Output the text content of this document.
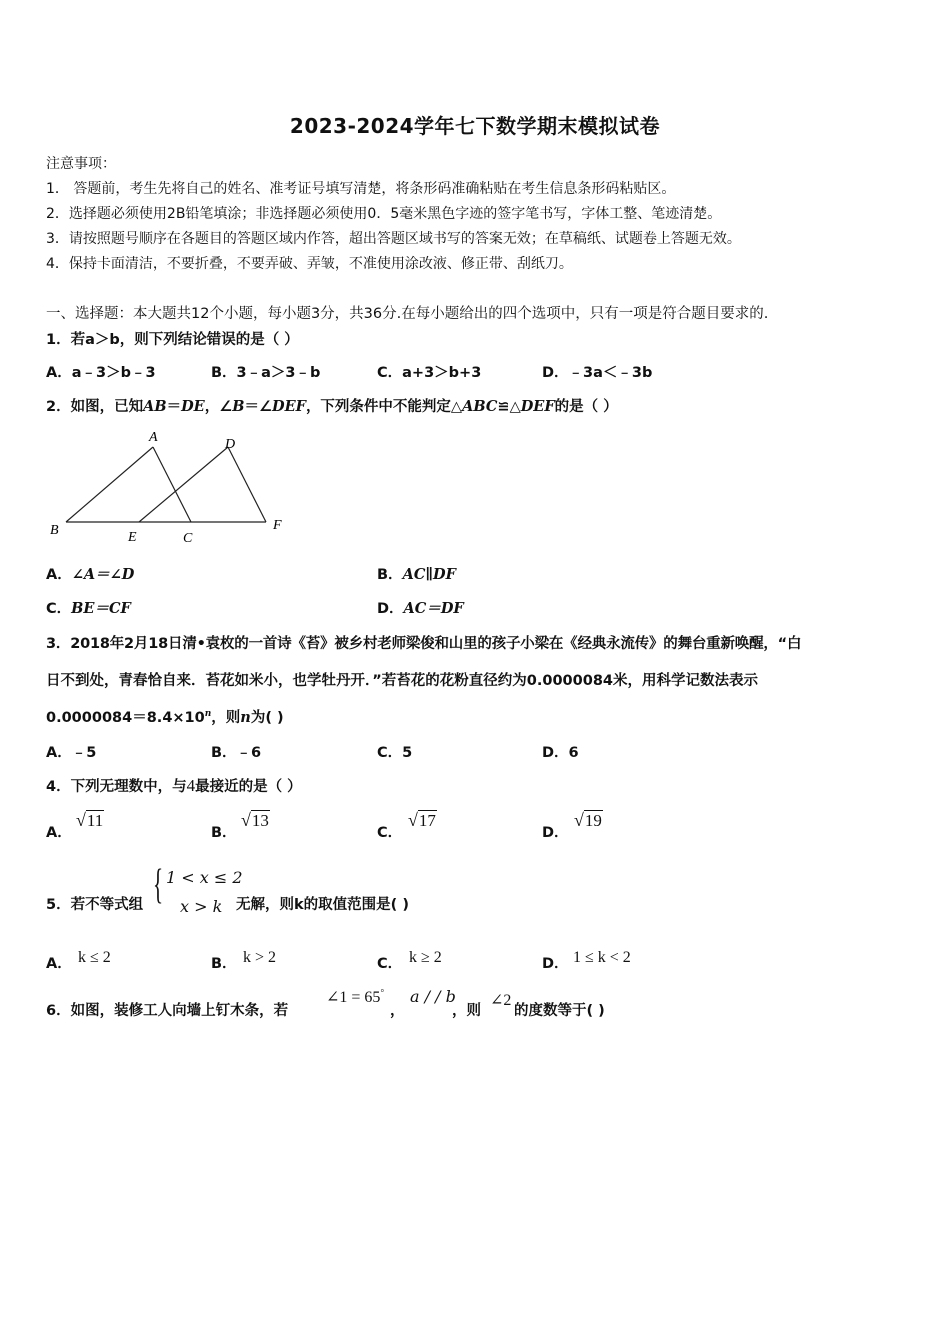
2023-2024学年七下数学期末模拟试卷
注意事项：
1． 答题前，考生先将自己的姓名、准考证号填写清楚，将条形码准确粘贴在考生信息条形码粘贴区。
2．选择题必须使用2B铅笔填涂；非选择题必须使用0．5毫米黑色字迹的签字笔书写，字体工整、笔迹清楚。
3．请按照题号顺序在各题目的答题区域内作答，超出答题区域书写的答案无效；在草稿纸、试题卷上答题无效。
4．保持卡面清洁，不要折叠，不要弄破、弄皱，不准使用涂改液、修正带、刮纸刀。
一、选择题：本大题共12个小题，每小题3分，共36分.在每小题给出的四个选项中，只有一项是符合题目要求的.
1．若a＞b，则下列结论错误的是（ ）
A．a﹣3＞b﹣3	B．3﹣a＞3﹣b	C．a+3＞b+3	D．﹣3a＜﹣3b
2．如图，已知AB＝DE，∠B＝∠DEF，下列条件中不能判定△ABC≌△DEF的是（ ）
A
B
C
D
E
F
A．∠A＝∠D	B．AC∥DF
C．BE＝CF	D．AC＝DF
3．2018年2月18日清•袁枚的一首诗《苔》被乡村老师梁俊和山里的孩子小梁在《经典永流传》的舞台重新唤醒，“白
日不到处，青春恰自来．苔花如米小，也学牡丹开．”若苔花的花粉直径约为0.0000084米，用科学记数法表示
$0.0000084=8.4\times 10^n$，则n为( )
A．﹣5	B．﹣6	C．5	D．6
4．下列无理数中，与4最接近的是（ ）
A．
√11
B．
√13
C．
√17
D．
√19
5．若不等式组 { 1 < x ≤ 2
x > k 无解，则k的取值范围是( )
A． k ≤ 2	B． k > 2	C． k ≥ 2	D． 1 ≤ k < 2
6．如图，装修工人向墙上钉木条，若
∠1 = 65°
，
a / / b
，则
∠2
的度数等于( )
